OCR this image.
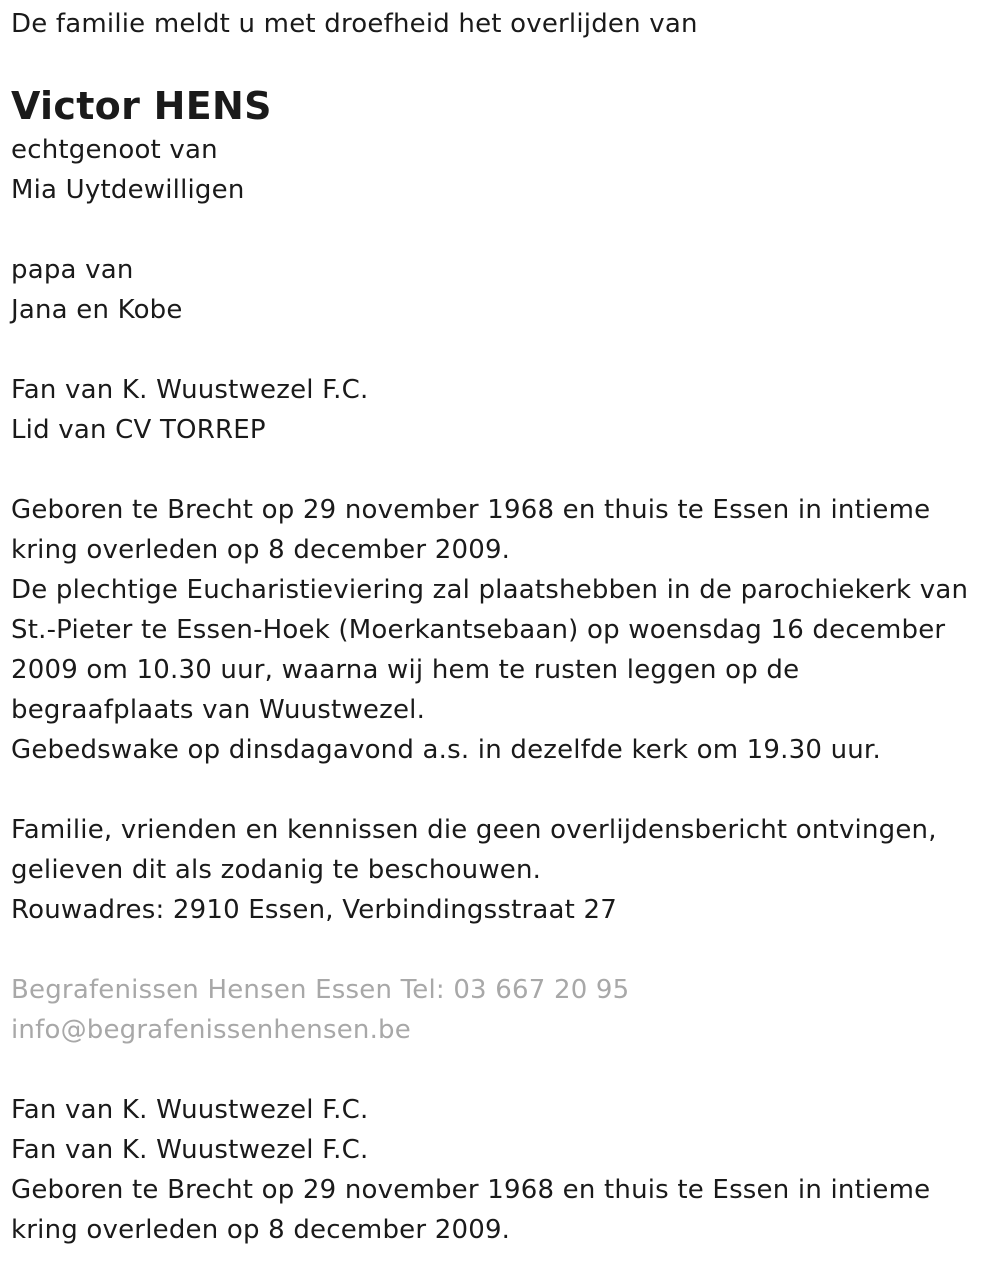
De familie meldt u met droefheid het overlijden van
Victor HENS
echtgenoot van
Mia Uytdewilligen
papa van
Jana en Kobe
Fan van K. Wuustwezel F.C.
Lid van CV TORREP
Geboren te Brecht op 29 november 1968 en thuis te Essen in intieme
kring overleden op 8 december 2009.
De plechtige Eucharistieviering zal plaatshebben in de parochiekerk van
St.-Pieter te Essen-Hoek (Moerkantsebaan) op woensdag 16 december
2009 om 10.30 uur, waarna wij hem te rusten leggen op de
begraafplaats van Wuustwezel.
Gebedswake op dinsdagavond a.s. in dezelfde kerk om 19.30 uur.
Familie, vrienden en kennissen die geen overlijdensbericht ontvingen,
gelieven dit als zodanig te beschouwen.
Rouwadres: 2910 Essen, Verbindingsstraat 27
Begrafenissen Hensen Essen Tel: 03 667 20 95
info@begrafenissenhensen.be
Fan van K. Wuustwezel F.C.
Fan van K. Wuustwezel F.C.
Geboren te Brecht op 29 november 1968 en thuis te Essen in intieme
kring overleden op 8 december 2009.
